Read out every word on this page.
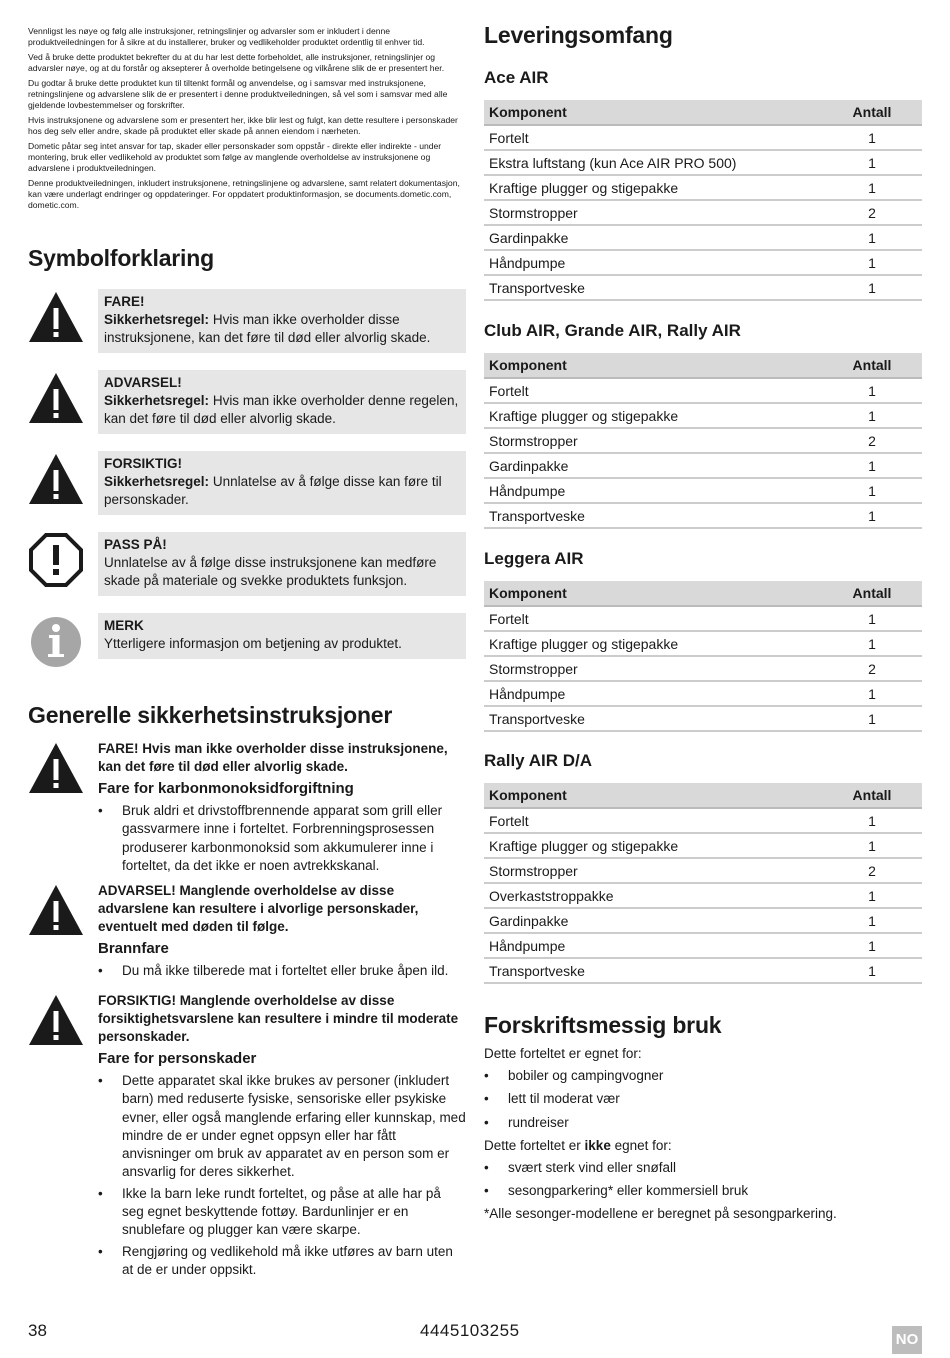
Vennligst les nøye og følg alle instruksjoner, retningslinjer og advarsler som er inkludert i denne produktveiledningen for å sikre at du installerer, bruker og vedlikeholder produktet ordentlig til enhver tid.

Ved å bruke dette produktet bekrefter du at du har lest dette forbeholdet, alle instruksjoner, retningslinjer og advarsler nøye, og at du forstår og aksepterer å overholde betingelsene og vilkårene slik de er presentert her.

Du godtar å bruke dette produktet kun til tiltenkt formål og anvendelse, og i samsvar med instruksjonene, retningslinjene og advarslene slik de er presentert i denne produktveiledningen, så vel som i samsvar med alle gjeldende lovbestemmelser og forskrifter.

Hvis instruksjonene og advarslene som er presentert her, ikke blir lest og fulgt, kan dette resultere i personskader hos deg selv eller andre, skade på produktet eller skade på annen eiendom i nærheten.

Dometic påtar seg intet ansvar for tap, skader eller personskader som oppstår - direkte eller indirekte - under montering, bruk eller vedlikehold av produktet som følge av manglende overholdelse av instruksjonene og advarslene i produktveiledningen.

Denne produktveiledningen, inkludert instruksjonene, retningslinjene og advarslene, samt relatert dokumentasjon, kan være underlagt endringer og oppdateringer. For oppdatert produktinformasjon, se documents.dometic.com, dometic.com.

Symbolforklaring
FARE!
Sikkerhetsregel: Hvis man ikke overholder disse instruksjonene, kan det føre til død eller alvorlig skade.
ADVARSEL!
Sikkerhetsregel: Hvis man ikke overholder denne regelen, kan det føre til død eller alvorlig skade.
FORSIKTIG!
Sikkerhetsregel: Unnlatelse av å følge disse kan føre til personskader.
PASS PÅ!
Unnlatelse av å følge disse instruksjonene kan medføre skade på materiale og svekke produktets funksjon.
MERK
Ytterligere informasjon om betjening av produktet.
Generelle sikkerhetsinstruksjoner
FARE! Hvis man ikke overholder disse instruksjonene, kan det føre til død eller alvorlig skade.
Fare for karbonmonoksidforgiftning
• Bruk aldri et drivstoffbrennende apparat som grill eller gassvarmere inne i forteltet. Forbrenningsprosessen produserer karbonmonoksid som akkumulerer inne i forteltet, da det ikke er noen avtrekkskanal.
ADVARSEL! Manglende overholdelse av disse advarslene kan resultere i alvorlige personskader, eventuelt med døden til følge.
Brannfare
• Du må ikke tilberede mat i forteltet eller bruke åpen ild.
FORSIKTIG! Manglende overholdelse av disse forsiktighetsvarslene kan resultere i mindre til moderate personskader.
Fare for personskader
• Dette apparatet skal ikke brukes av personer (inkludert barn) med reduserte fysiske, sensoriske eller psykiske evner, eller også manglende erfaring eller kunnskap, med mindre de er under egnet oppsyn eller har fått anvisninger om bruk av apparatet av en person som er ansvarlig for deres sikkerhet.
• Ikke la barn leke rundt forteltet, og påse at alle har på seg egnet beskyttende fottøy. Bardunlinjer er en snublefare og plugger kan være skarpe.
• Rengjøring og vedlikehold må ikke utføres av barn uten at de er under oppsikt.
Leveringsomfang
Ace AIR
Komponent	Antall
Fortelt	1
Ekstra luftstang (kun Ace AIR PRO 500)	1
Kraftige plugger og stigepakke	1
Stormstropper	2
Gardinpakke	1
Håndpumpe	1
Transportveske	1
Club AIR, Grande AIR, Rally AIR
Komponent	Antall
Fortelt	1
Kraftige plugger og stigepakke	1
Stormstropper	2
Gardinpakke	1
Håndpumpe	1
Transportveske	1
Leggera AIR
Komponent	Antall
Fortelt	1
Kraftige plugger og stigepakke	1
Stormstropper	2
Håndpumpe	1
Transportveske	1
Rally AIR D/A
Komponent	Antall
Fortelt	1
Kraftige plugger og stigepakke	1
Stormstropper	2
Overkaststroppakke	1
Gardinpakke	1
Håndpumpe	1
Transportveske	1
Forskriftsmessig bruk

Dette forteltet er egnet for:

• bobiler og campingvogner
• lett til moderat vær
• rundreiser

Dette forteltet er ikke egnet for:

• svært sterk vind eller snøfall
• sesongparkering* eller kommersiell bruk

*Alle sesonger-modellene er beregnet på sesongparkering.

38	4445103255	NO
